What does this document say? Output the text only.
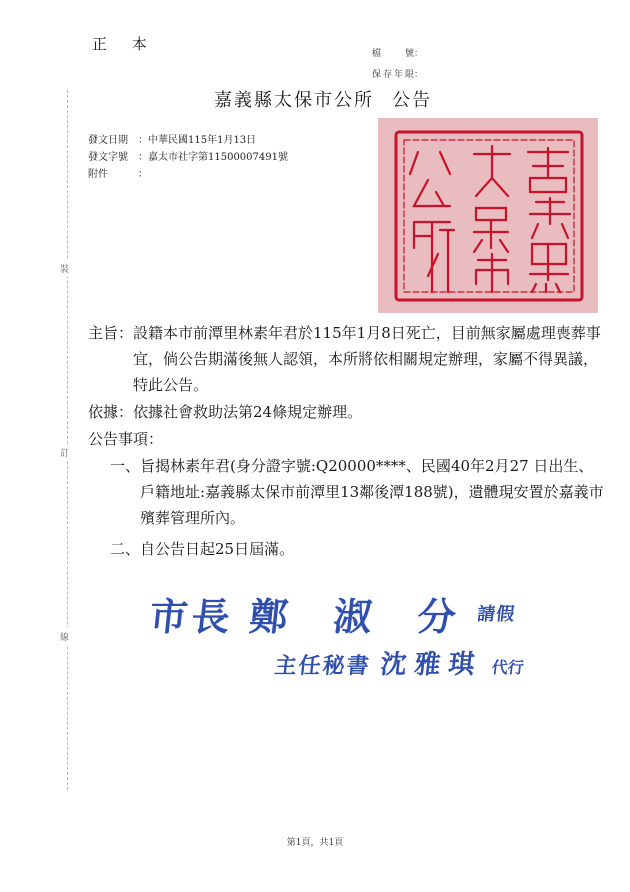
正 本
檔　號 ：
保存年限 ：
嘉義縣太保市公所 公告
發文日期	： 中華民國115年1月13日
發文字號	： 嘉太市社字第11500007491號
附件	：
裝
訂
線
主旨： 設籍本市前潭里林素年君於115年1月8日死亡，目前無家屬處理喪葬事宜，倘公告期滿後無人認領，本所將依相關規定辦理，家屬不得異議，特此公告。
依據： 依據社會救助法第24條規定辦理。
公告事項：
一、 旨揭林素年君(身分證字號:Q20000****、民國40年2月27 日出生、戶籍地址:嘉義縣太保市前潭里13鄰後潭188號)，遺體現安置於嘉義市殯葬管理所內。
二、 自公告日起25日屆滿。
市長 鄭　淑　分 $^{請假}$
主任秘書 沈雅琪 代行
第1頁，共1頁
